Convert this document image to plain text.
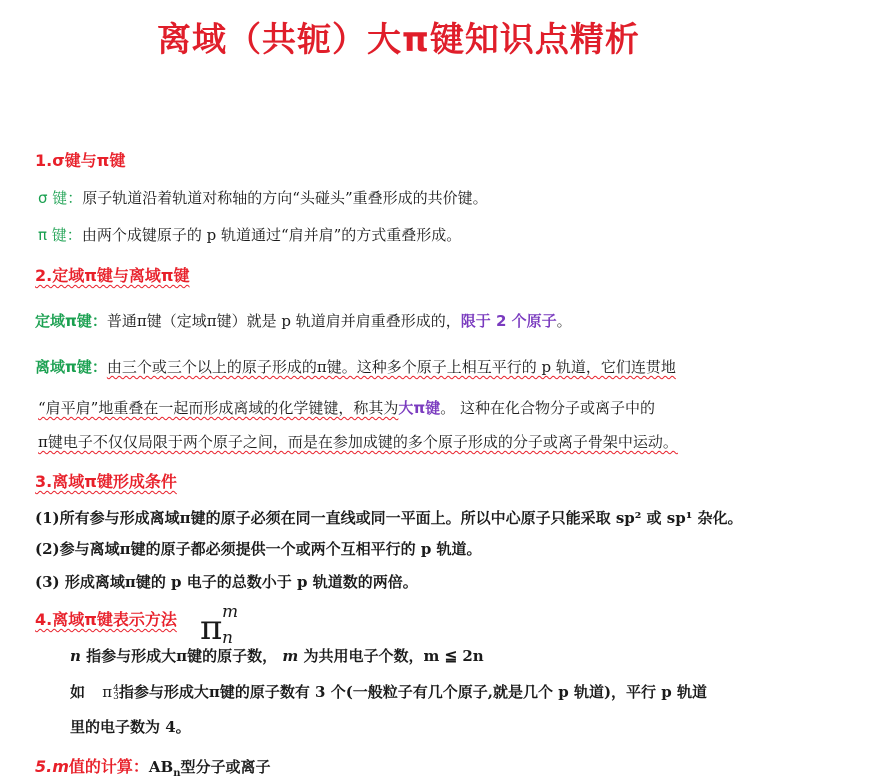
离域（共轭）大π键知识点精析
1.σ键与π键
σ 键：原子轨道沿着轨道对称轴的方向“头碰头”重叠形成的共价键。
π 键：由两个成键原子的 p 轨道通过“肩并肩”的方式重叠形成。
2.定域π键与离域π键
定域π键：普通π键（定域π键）就是 p 轨道肩并肩重叠形成的，限于 2 个原子。
离域π键：由三个或三个以上的原子形成的π键。这种多个原子上相互平行的 p 轨道，它们连贯地
“肩平肩”地重叠在一起而形成离域的化学键键，称其为大π键。 这种在化合物分子或离子中的
π键电子不仅仅局限于两个原子之间，而是在参加成键的多个原子形成的分子或离子骨架中运动。
3.离域π键形成条件
(1)所有参与形成离域π键的原子必须在同一直线或同一平面上。所以中心原子只能采取 sp² 或 sp¹ 杂化。
(2)参与离域π键的原子都必须提供一个或两个互相平行的 p 轨道。
(3) 形成离域π键的 p 电子的总数小于 p 轨道数的两倍。
4.离域π键表示方法 π m
n
n 指参与形成大π键的原子数， m 为共用电子个数，m ≦ 2n
如 π 4
3 指参与形成大π键的原子数有 3 个(一般粒子有几个原子,就是几个 p 轨道)，平行 p 轨道
里的电子数为 4。
5.m值的计算：$AB_n$型分子或离子
